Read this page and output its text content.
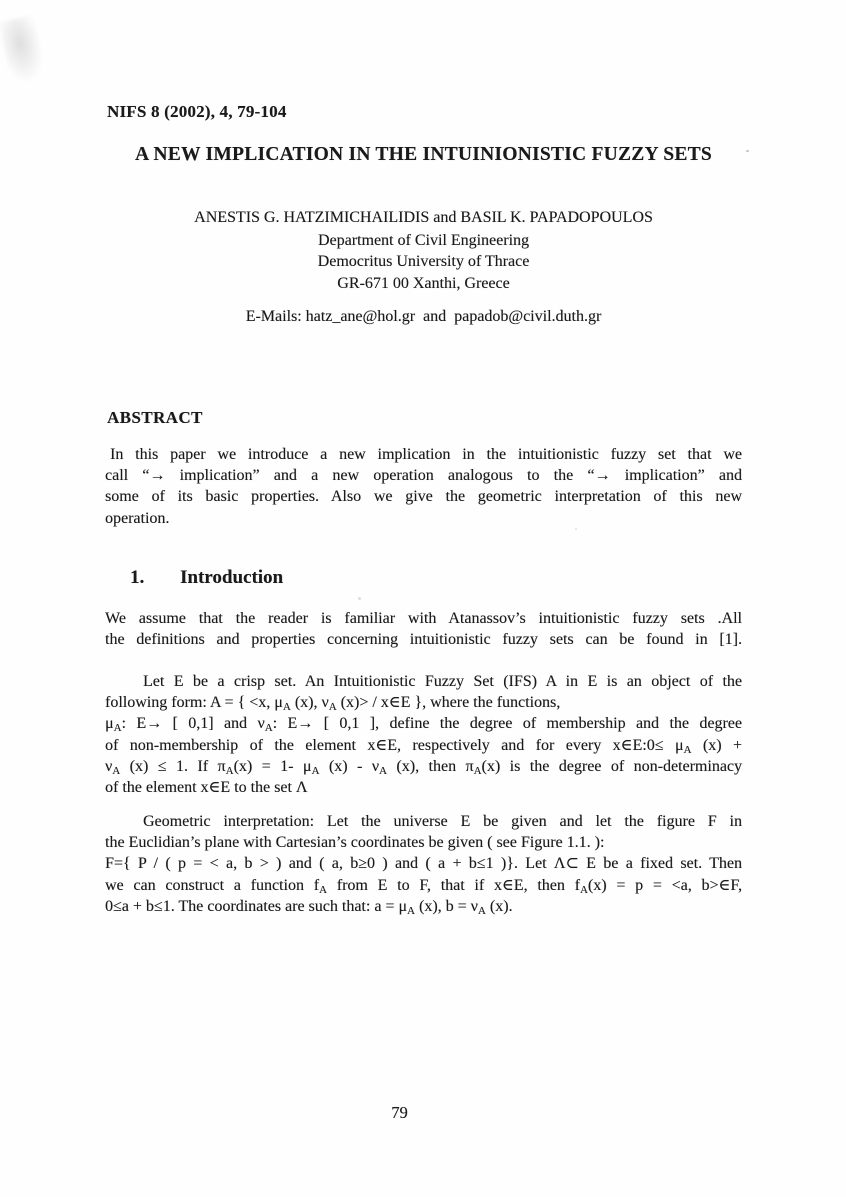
NIFS 8 (2002), 4, 79-104
A NEW IMPLICATION IN THE INTUINIONISTIC FUZZY SETS
ANESTIS G. HATZIMICHAILIDIS and BASIL K. PAPADOPOULOS
Department of Civil Engineering
Democritus University of Thrace
GR-671 00 Xanthi, Greece
E-Mails: hatz_ane@hol.gr  and  papadob@civil.duth.gr
ABSTRACT
In this paper we introduce a new implication in the intuitionistic fuzzy set that we
call “→ implication” and a new operation analogous to the “→ implication” and
some of its basic properties. Also we give the geometric interpretation of this new
operation.
1. Introduction
We assume that the reader is familiar with Atanassov’s intuitionistic fuzzy sets .All
the definitions and properties concerning intuitionistic fuzzy sets can be found in [1].
Let E be a crisp set. An Intuitionistic Fuzzy Set (IFS) A in E is an object of the
following form: A = { <x, $\mu_A$ (x), $\nu_A$ (x)> / x∈E }, where the functions,
$\mu_A$: E→ [ 0,1] and $\nu_A$: E→ [ 0,1 ], define the degree of membership and the degree
of non-membership of the element x∈E, respectively and for every x∈E:0≤ $\mu_A$ (x) +
$\nu_A$ (x) ≤ 1. If $\pi_A(x) = 1-$ $\mu_A$ $(x) - \nu_A$ (x), then $\pi_A(x)$ is the degree of non-determinacy
of the element x∈E to the set Λ
Geometric interpretation: Let the universe E be given and let the figure F in
the Euclidian’s plane with Cartesian’s coordinates be given ( see Figure 1.1. ):
F={ P / ( p = < a, b > ) and ( a, b≥0 ) and ( a + b≤1 )}. Let Λ⊂ E be a fixed set. Then
we can construct a function $f_A$ from E to F, that if x∈E, then $f_A(x) = p = <a$, b>∈F,
0≤a + b≤1. The coordinates are such that: $a = \mu_A$ (x), $b = \nu_A$ (x).
79
